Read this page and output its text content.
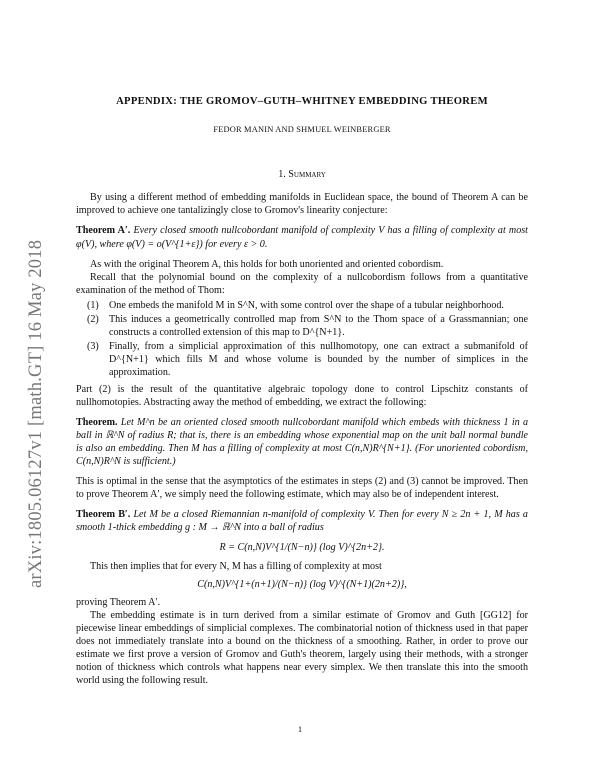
arXiv:1805.06127v1 [math.GT] 16 May 2018
APPENDIX: THE GROMOV–GUTH–WHITNEY EMBEDDING THEOREM
FEDOR MANIN AND SHMUEL WEINBERGER
1. Summary

By using a different method of embedding manifolds in Euclidean space, the bound of Theorem A can be improved to achieve one tantalizingly close to Gromov's linearity conjecture:

Theorem A′. Every closed smooth nullcobordant manifold of complexity V has a filling of complexity at most φ(V), where φ(V) = o(V^{1+ε}) for every ε > 0.

As with the original Theorem A, this holds for both unoriented and oriented cobordism.

Recall that the polynomial bound on the complexity of a nullcobordism follows from a quantitative examination of the method of Thom:

(1) One embeds the manifold M in S^N, with some control over the shape of a tubular neighborhood.
(2) This induces a geometrically controlled map from S^N to the Thom space of a Grassmannian; one constructs a controlled extension of this map to D^{N+1}.
(3) Finally, from a simplicial approximation of this nullhomotopy, one can extract a submanifold of D^{N+1} which fills M and whose volume is bounded by the number of simplices in the approximation.

Part (2) is the result of the quantitative algebraic topology done to control Lipschitz constants of nullhomotopies. Abstracting away the method of embedding, we extract the following:

Theorem. Let M^n be an oriented closed smooth nullcobordant manifold which embeds with thickness 1 in a ball in ℝ^N of radius R; that is, there is an embedding whose exponential map on the unit ball normal bundle is also an embedding. Then M has a filling of complexity at most C(n,N)R^{N+1}. (For unoriented cobordism, C(n,N)R^N is sufficient.)

This is optimal in the sense that the asymptotics of the estimates in steps (2) and (3) cannot be improved. Then to prove Theorem A′, we simply need the following estimate, which may also be of independent interest.

Theorem B′. Let M be a closed Riemannian n-manifold of complexity V. Then for every N ≥ 2n + 1, M has a smooth 1-thick embedding g : M → ℝ^N into a ball of radius

R = C(n,N)V^{1/(N−n)} (log V)^{2n+2}.

This then implies that for every N, M has a filling of complexity at most

C(n,N)V^{1+(n+1)/(N−n)} (log V)^{(N+1)(2n+2)},

proving Theorem A′.

The embedding estimate is in turn derived from a similar estimate of Gromov and Guth [GG12] for piecewise linear embeddings of simplicial complexes. The combinatorial notion of thickness used in that paper does not immediately translate into a bound on the thickness of a smoothing. Rather, in order to prove our estimate we first prove a version of Gromov and Guth's theorem, largely using their methods, with a stronger notion of thickness which controls what happens near every simplex. We then translate this into the smooth world using the following result.

1
